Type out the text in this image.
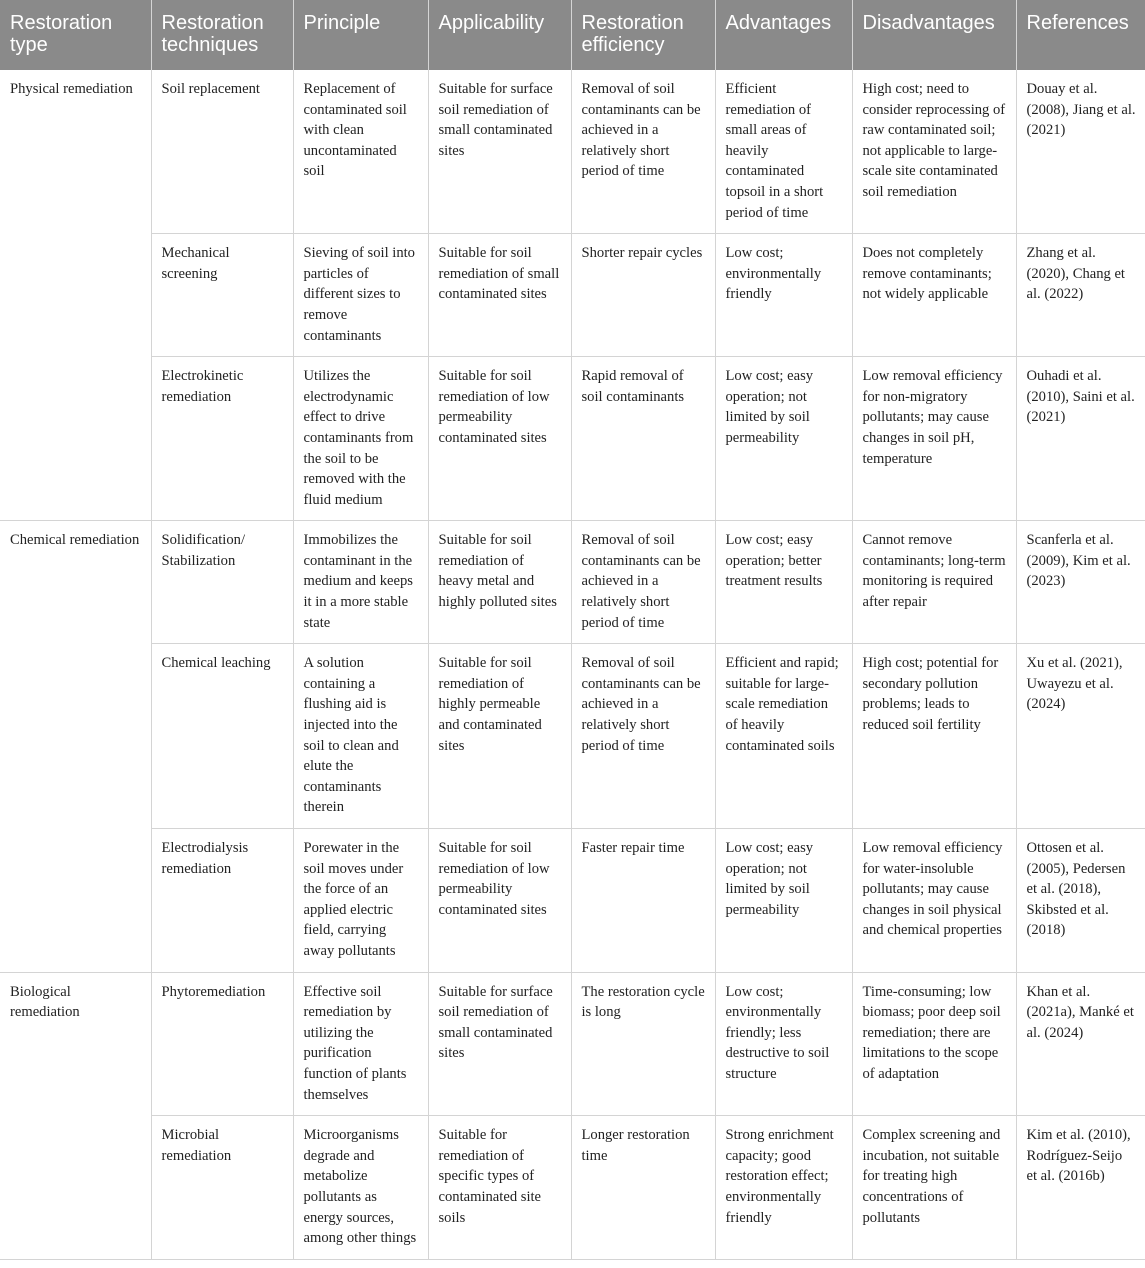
Restoration type	Restoration techniques	Principle	Applicability	Restoration efficiency	Advantages	Disadvantages	References
Physical remediation	Soil replacement	Replacement of contaminated soil with clean uncontaminated soil	Suitable for surface soil remediation of small contaminated sites	Removal of soil contaminants can be achieved in a relatively short period of time	Efficient remediation of small areas of heavily contaminated topsoil in a short period of time	High cost; need to consider reprocessing of raw contaminated soil; not applicable to large-scale site contaminated soil remediation	Douay et al. (2008), Jiang et al. (2021)
	Mechanical screening	Sieving of soil into particles of different sizes to remove contaminants	Suitable for soil remediation of small contaminated sites	Shorter repair cycles	Low cost; environmentally friendly	Does not completely remove contaminants; not widely applicable	Zhang et al. (2020), Chang et al. (2022)
	Electrokinetic remediation	Utilizes the electrodynamic effect to drive contaminants from the soil to be removed with the fluid medium	Suitable for soil remediation of low permeability contaminated sites	Rapid removal of soil contaminants	Low cost; easy operation; not limited by soil permeability	Low removal efficiency for non-migratory pollutants; may cause changes in soil pH, temperature	Ouhadi et al. (2010), Saini et al. (2021)
Chemical remediation	Solidification/ Stabilization	Immobilizes the contaminant in the medium and keeps it in a more stable state	Suitable for soil remediation of heavy metal and highly polluted sites	Removal of soil contaminants can be achieved in a relatively short period of time	Low cost; easy operation; better treatment results	Cannot remove contaminants; long-term monitoring is required after repair	Scanferla et al. (2009), Kim et al. (2023)
	Chemical leaching	A solution containing a flushing aid is injected into the soil to clean and elute the contaminants therein	Suitable for soil remediation of highly permeable and contaminated sites	Removal of soil contaminants can be achieved in a relatively short period of time	Efficient and rapid; suitable for large-scale remediation of heavily contaminated soils	High cost; potential for secondary pollution problems; leads to reduced soil fertility	Xu et al. (2021), Uwayezu et al. (2024)
	Electrodialysis remediation	Porewater in the soil moves under the force of an applied electric field, carrying away pollutants	Suitable for soil remediation of low permeability contaminated sites	Faster repair time	Low cost; easy operation; not limited by soil permeability	Low removal efficiency for water-insoluble pollutants; may cause changes in soil physical and chemical properties	Ottosen et al. (2005), Pedersen et al. (2018), Skibsted et al. (2018)
Biological remediation	Phytoremediation	Effective soil remediation by utilizing the purification function of plants themselves	Suitable for surface soil remediation of small contaminated sites	The restoration cycle is long	Low cost; environmentally friendly; less destructive to soil structure	Time-consuming; low biomass; poor deep soil remediation; there are limitations to the scope of adaptation	Khan et al. (2021a), Manké et al. (2024)
	Microbial remediation	Microorganisms degrade and metabolize pollutants as energy sources, among other things	Suitable for remediation of specific types of contaminated site soils	Longer restoration time	Strong enrichment capacity; good restoration effect; environmentally friendly	Complex screening and incubation, not suitable for treating high concentrations of pollutants	Kim et al. (2010), Rodríguez-Seijo et al. (2016b)
